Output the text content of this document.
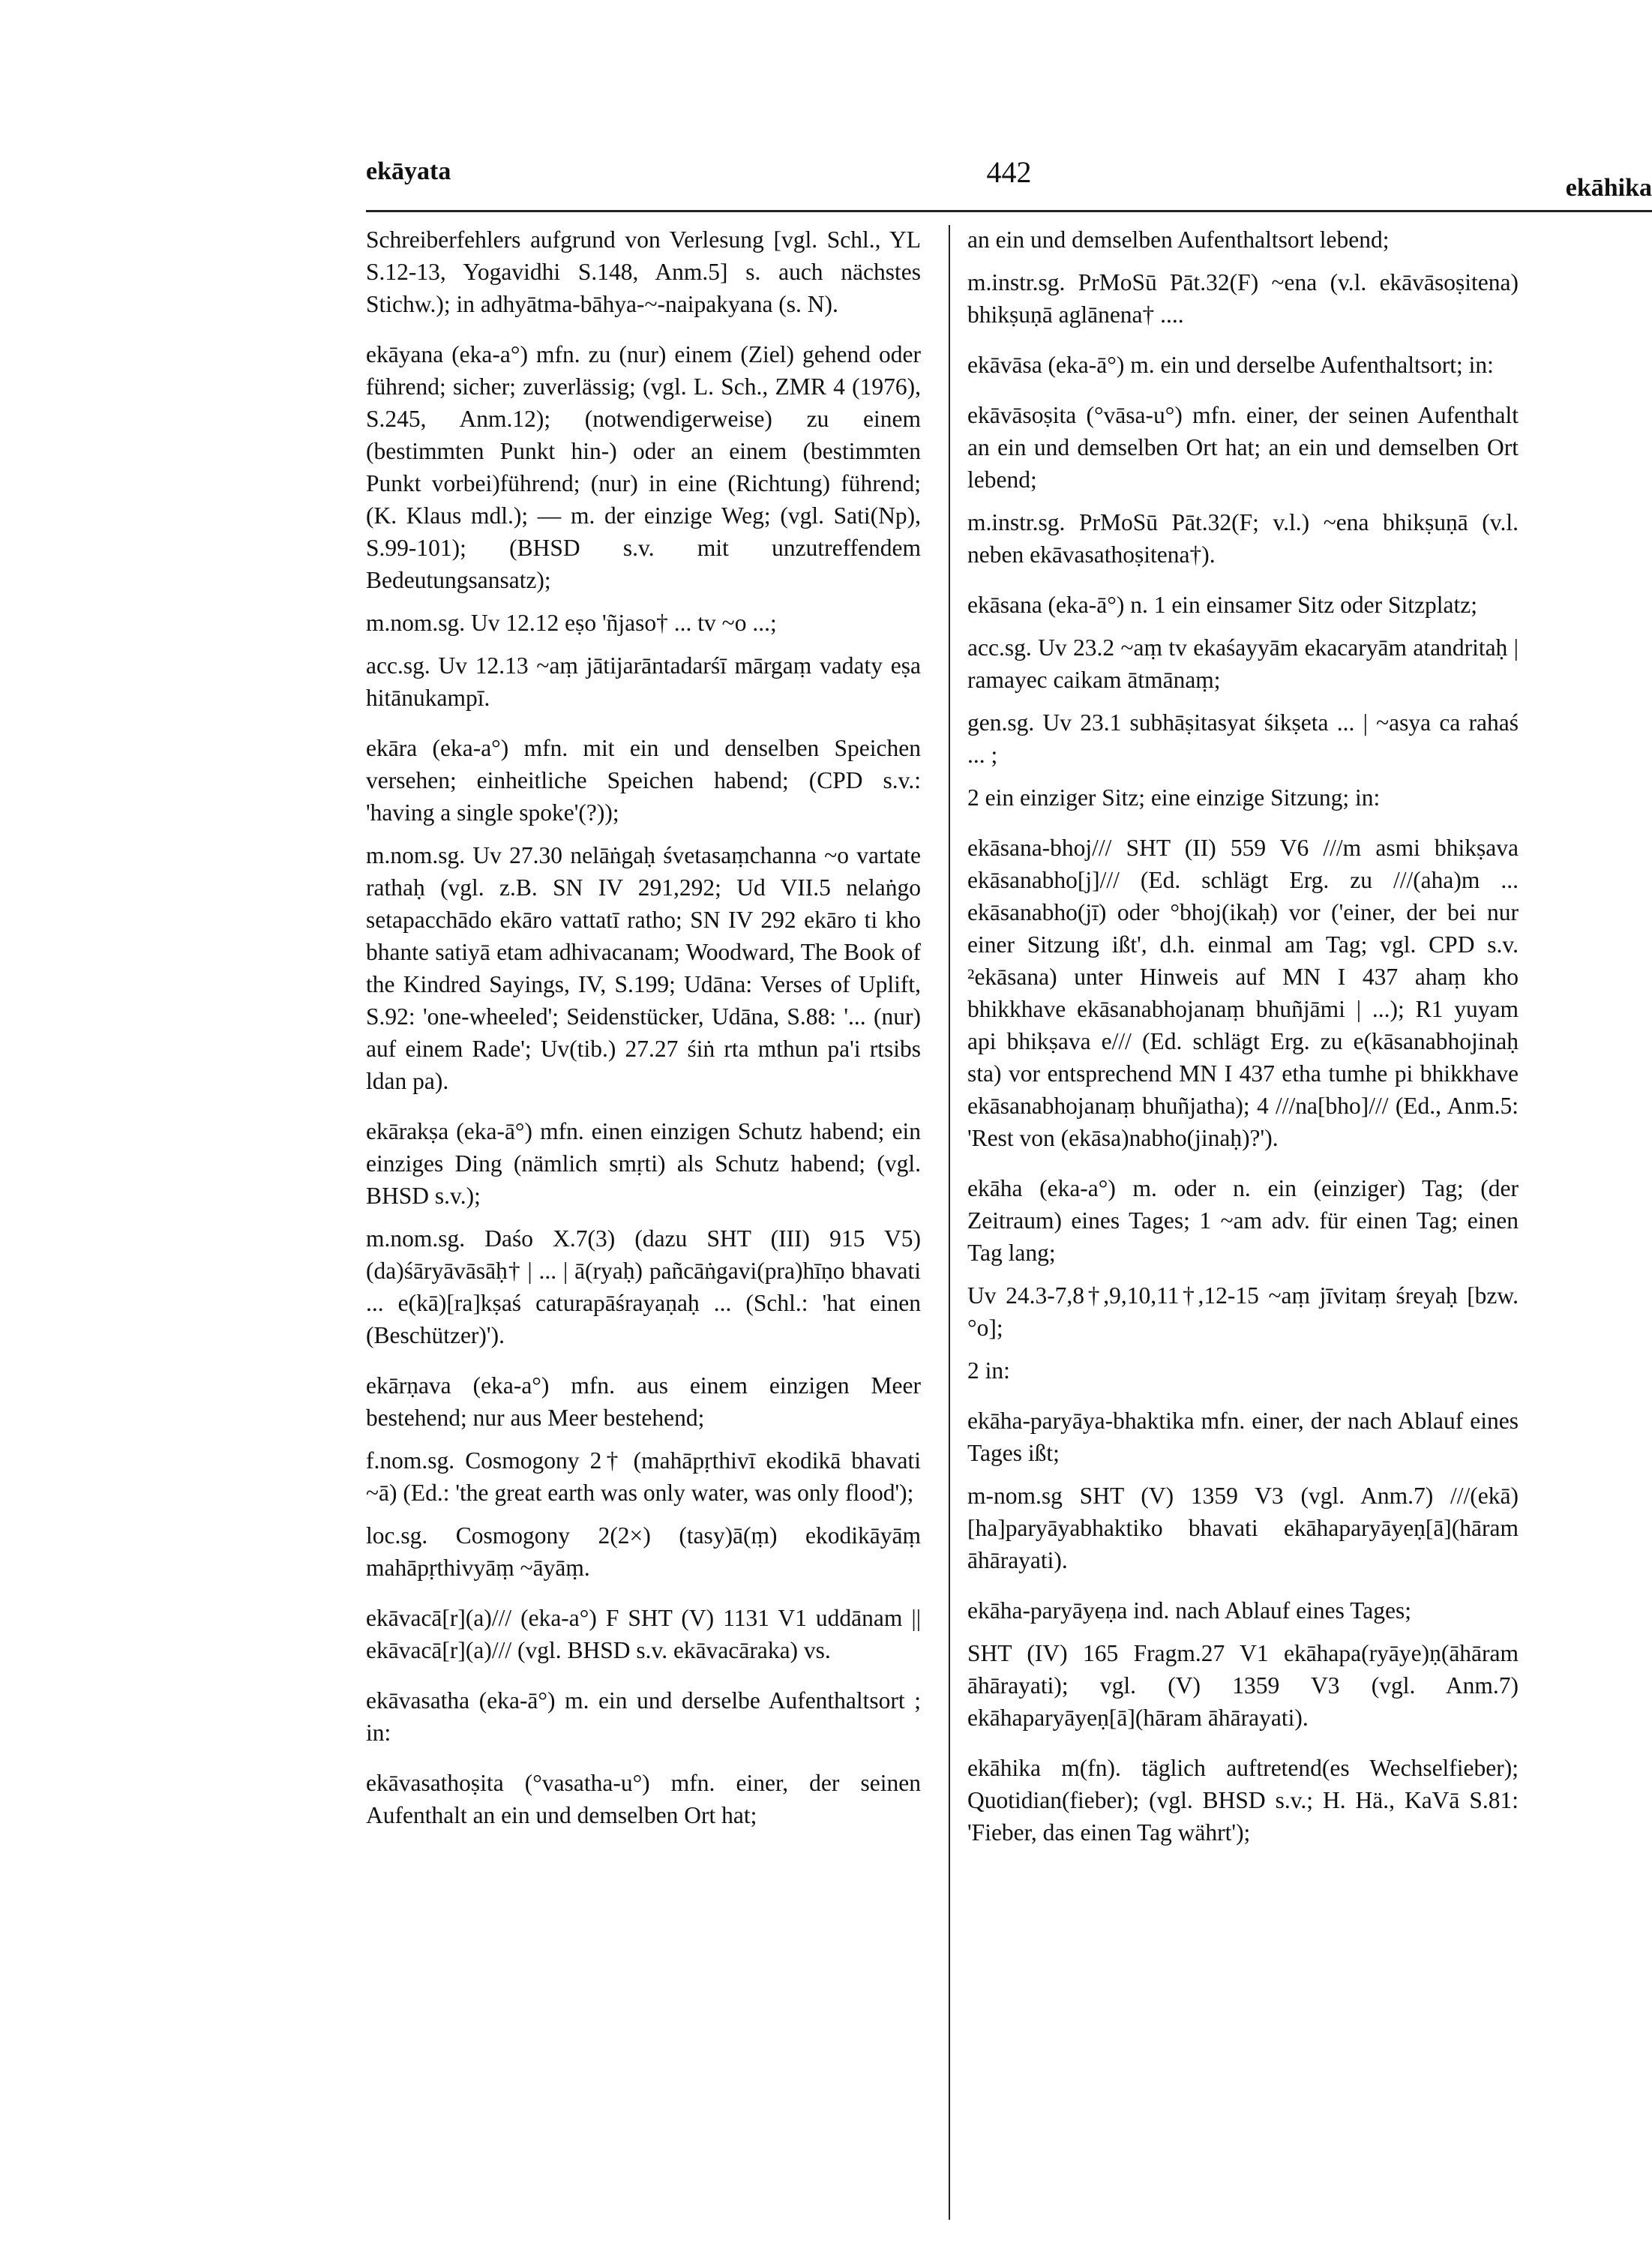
ekāyata	442	ekāhika

Schreiberfehlers aufgrund von Verlesung [vgl. Schl., YL S.12-13, Yogavidhi S.148, Anm.5] s. auch nächstes Stichw.); in adhyātma-bāhya-~-naipakyana (s. N).

ekāyana (eka-a°) mfn. zu (nur) einem (Ziel) gehend oder führend; sicher; zuverlässig; (vgl. L. Sch., ZMR 4 (1976), S.245, Anm.12); (notwendigerweise) zu einem (bestimmten Punkt hin-) oder an einem (bestimmten Punkt vorbei)führend; (nur) in eine (Richtung) führend; (K. Klaus mdl.); — m. der einzige Weg; (vgl. Sati(Np), S.99-101); (BHSD s.v. mit unzutreffendem Bedeutungsansatz);

m.nom.sg. Uv 12.12 eṣo 'ñjaso† ... tv ~o ...;

acc.sg. Uv 12.13 ~aṃ jātijarāntadarśī mārgaṃ vadaty eṣa hitānukampī.

ekāra (eka-a°) mfn. mit ein und denselben Speichen versehen; einheitliche Speichen habend; (CPD s.v.: 'having a single spoke'(?));

m.nom.sg. Uv 27.30 nelāṅgaḥ śvetasaṃchanna ~o vartate rathaḥ (vgl. z.B. SN IV 291,292; Ud VII.5 nelaṅgo setapacchādo ekāro vattatī ratho; SN IV 292 ekāro ti kho bhante satiyā etam adhivacanam; Woodward, The Book of the Kindred Sayings, IV, S.199; Udāna: Verses of Uplift, S.92: 'one-wheeled'; Seidenstücker, Udāna, S.88: '... (nur) auf einem Rade'; Uv(tib.) 27.27 śiṅ rta mthun pa'i rtsibs ldan pa).

ekārakṣa (eka-ā°) mfn. einen einzigen Schutz habend; ein einziges Ding (nämlich smṛti) als Schutz habend; (vgl. BHSD s.v.);

m.nom.sg. Daśo X.7(3) (dazu SHT (III) 915 V5) (da)śāryāvāsāḥ† | ... | ā(ryaḥ) pañcāṅgavi(pra)hīṇo bhavati ... e(kā)[ra]kṣaś caturapāśrayaṇaḥ ... (Schl.: 'hat einen (Beschützer)').

ekārṇava (eka-a°) mfn. aus einem einzigen Meer bestehend; nur aus Meer bestehend;

f.nom.sg. Cosmogony 2† (mahāpṛthivī ekodikā bhavati ~ā) (Ed.: 'the great earth was only water, was only flood');

loc.sg. Cosmogony 2(2×) (tasy)ā(ṃ) ekodikāyāṃ mahāpṛthivyāṃ ~āyāṃ.

ekāvacā[r](a)/// (eka-a°) F SHT (V) 1131 V1 uddānam || ekāvacā[r](a)/// (vgl. BHSD s.v. ekāvacāraka) vs.

ekāvasatha (eka-ā°) m. ein und derselbe Aufenthaltsort ; in:

ekāvasathoṣita (°vasatha-u°) mfn. einer, der seinen Aufenthalt an ein und demselben Ort hat;

an ein und demselben Aufenthaltsort lebend;

m.instr.sg. PrMoSū Pāt.32(F) ~ena (v.l. ekāvāsoṣitena) bhikṣuṇā aglānena† ....

ekāvāsa (eka-ā°) m. ein und derselbe Aufenthaltsort; in:

ekāvāsoṣita (°vāsa-u°) mfn. einer, der seinen Aufenthalt an ein und demselben Ort hat; an ein und demselben Ort lebend;

m.instr.sg. PrMoSū Pāt.32(F; v.l.) ~ena bhikṣuṇā (v.l. neben ekāvasathoṣitena†).

ekāsana (eka-ā°) n. 1 ein einsamer Sitz oder Sitzplatz;

acc.sg. Uv 23.2 ~aṃ tv ekaśayyām ekacaryām atandritaḥ | ramayec caikam ātmānaṃ;

gen.sg. Uv 23.1 subhāṣitasyat śikṣeta ... | ~asya ca rahaś ... ;

2 ein einziger Sitz; eine einzige Sitzung; in:

ekāsana-bhoj/// SHT (II) 559 V6 ///m asmi bhikṣava ekāsanabho[j]/// (Ed. schlägt Erg. zu ///(aha)m ... ekāsanabho(jī) oder °bhoj(ikaḥ) vor ('einer, der bei nur einer Sitzung ißt', d.h. einmal am Tag; vgl. CPD s.v. ²ekāsana) unter Hinweis auf MN I 437 ahaṃ kho bhikkhave ekāsanabhojanaṃ bhuñjāmi | ...); R1 yuyam api bhikṣava e/// (Ed. schlägt Erg. zu e(kāsanabhojinaḥ sta) vor entsprechend MN I 437 etha tumhe pi bhikkhave ekāsanabhojanaṃ bhuñjatha); 4 ///na[bho]/// (Ed., Anm.5: 'Rest von (ekāsa)nabho(jinaḥ)?').

ekāha (eka-a°) m. oder n. ein (einziger) Tag; (der Zeitraum) eines Tages; 1 ~am adv. für einen Tag; einen Tag lang;

Uv 24.3-7,8†,9,10,11†,12-15 ~aṃ jīvitaṃ śreyaḥ [bzw. °o];

2 in:

ekāha-paryāya-bhaktika mfn. einer, der nach Ablauf eines Tages ißt;

m-nom.sg SHT (V) 1359 V3 (vgl. Anm.7) ///(ekā)[ha]paryāyabhaktiko bhavati ekāhaparyāyeṇ[ā](hāram āhārayati).

ekāha-paryāyeṇa ind. nach Ablauf eines Tages;

SHT (IV) 165 Fragm.27 V1 ekāhapa(ryāye)ṇ(āhāram āhārayati); vgl. (V) 1359 V3 (vgl. Anm.7) ekāhaparyāyeṇ[ā](hāram āhārayati).

ekāhika m(fn). täglich auftretend(es Wechselfieber); Quotidian(fieber); (vgl. BHSD s.v.; H. Hä., KaVā S.81: 'Fieber, das einen Tag währt');
